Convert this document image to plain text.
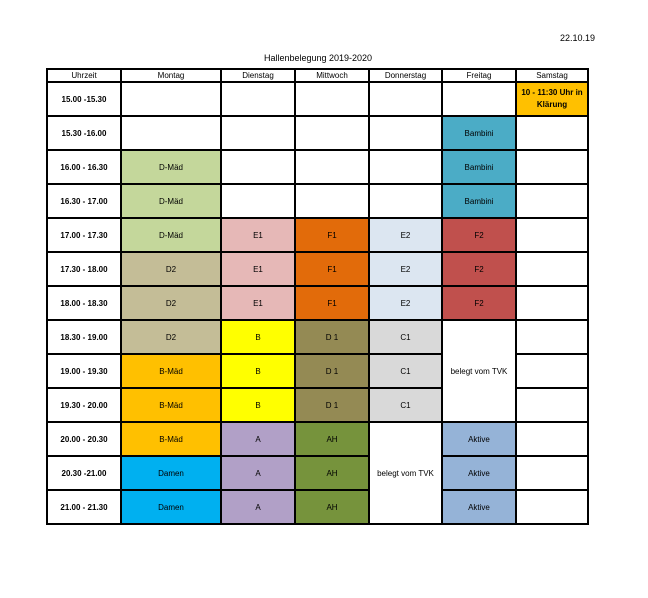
22.10.19
Hallenbelegung 2019-2020
Uhrzeit	Montag	Dienstag	Mittwoch	Donnerstag	Freitag	Samstag
15.00 -15.30						10 - 11:30 Uhr in Klärung
15.30 -16.00					Bambini	
16.00 - 16.30	D-Mäd				Bambini	
16.30 - 17.00	D-Mäd				Bambini	
17.00 - 17.30	D-Mäd	E1	F1	E2	F2	
17.30 - 18.00	D2	E1	F1	E2	F2	
18.00 - 18.30	D2	E1	F1	E2	F2	
18.30 - 19.00	D2	B	D 1	C1	belegt vom TVK	
19.00 - 19.30	B-Mäd	B	D 1	C1		
19.30 - 20.00	B-Mäd	B	D 1	C1		
20.00 - 20.30	B-Mäd	A	AH	belegt vom TVK	Aktive	
20.30 -21.00	Damen	A	AH		Aktive	
21.00 - 21.30	Damen	A	AH		Aktive	
